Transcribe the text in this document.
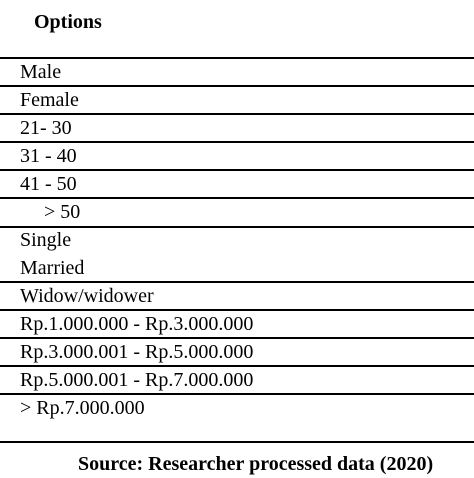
Options
Male
Female
21- 30
31 - 40
41 - 50
> 50
Single
Married
Widow/widower
Rp.1.000.000 - Rp.3.000.000
Rp.3.000.001 - Rp.5.000.000
Rp.5.000.001 - Rp.7.000.000
> Rp.7.000.000
Source: Researcher processed data (2020)
